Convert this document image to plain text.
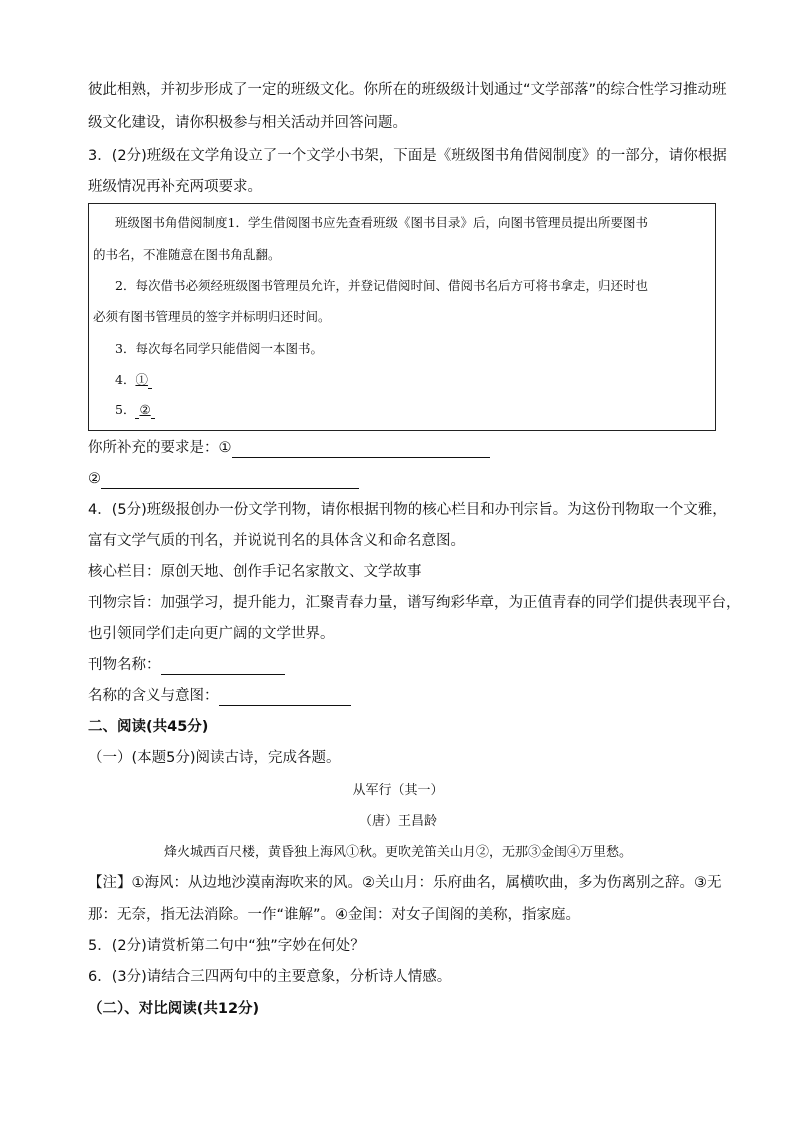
彼此相熟，并初步形成了一定的班级文化。你所在的班级级计划通过“文学部落”的综合性学习推动班
级文化建设，请你积极参与相关活动并回答问题。
3．(2分)班级在文学角设立了一个文学小书架，下面是《班级图书角借阅制度》的一部分，请你根据
班级情况再补充两项要求。
班级图书角借阅制度1．学生借阅图书应先查看班级《图书目录》后，向图书管理员提出所要图书
的书名，不准随意在图书角乱翻。
2．每次借书必须经班级图书管理员允许，并登记借阅时间、借阅书名后方可将书拿走，归还时也
必须有图书管理员的签字并标明归还时间。
3．每次每名同学只能借阅一本图书。
4．①
5． ②
你所补充的要求是：①
②
4．(5分)班级报创办一份文学刊物，请你根据刊物的核心栏目和办刊宗旨。为这份刊物取一个文雅，
富有文学气质的刊名，并说说刊名的具体含义和命名意图。
核心栏目：原创天地、创作手记名家散文、文学故事
刊物宗旨：加强学习，提升能力，汇聚青春力量，谱写绚彩华章，为正值青春的同学们提供表现平台，
也引领同学们走向更广阔的文学世界。
刊物名称：
名称的含义与意图：
二、阅读(共45分)
（一）(本题5分)阅读古诗，完成各题。
从军行（其一）
（唐）王昌龄
烽火城西百尺楼，黄昏独上海风①秋。更吹羌笛关山月②，无那③金闺④万里愁。
【注】①海风：从边地沙漠南海吹来的风。②关山月：乐府曲名，属横吹曲，多为伤离别之辞。③无
那：无奈，指无法消除。一作“谁解”。④金闺：对女子闺阁的美称，指家庭。
5．(2分)请赏析第二句中“独”字妙在何处？
6．(3分)请结合三四两句中的主要意象，分析诗人情感。
（二）、对比阅读(共12分)
